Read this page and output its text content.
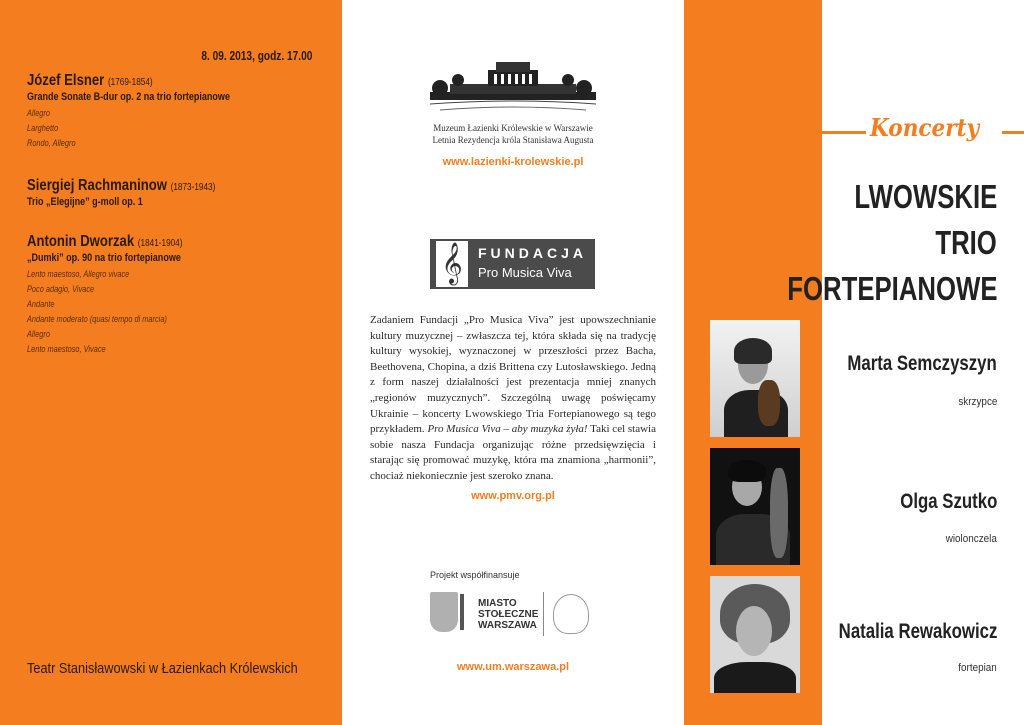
8. 09. 2013, godz. 17.00
Józef Elsner (1769-1854)
Grande Sonate B-dur op. 2 na trio fortepianowe
Allegro
Larghetto
Rondo, Allegro
Siergiej Rachmaninow (1873-1943)
Trio „Elegijne” g-moll op. 1
Antonin Dworzak (1841-1904)
„Dumki” op. 90 na trio fortepianowe
Lento maestoso, Allegro vivace
Poco adagio, Vivace
Andante
Andante moderato (quasi tempo di marcia)
Allegro
Lento maestoso, Vivace
Teatr Stanisławowski w Łazienkach Królewskich
Muzeum Łazienki Królewskie w Warszawie
Letnia Rezydencja króla Stanisława Augusta
www.lazienki-krolewskie.pl
𝄞	FUNDACJA
Pro Musica Viva
Zadaniem Fundacji „Pro Musica Viva” jest upowszechnianie kultury muzycznej – zwłaszcza tej, która składa się na tradycję kultury wysokiej, wyznaczonej w przeszłości przez Bacha, Beethovena, Chopina, a dziś Brittena czy Lutosławskiego. Jedną z form naszej działalności jest prezentacja mniej znanych „regionów muzycznych”. Szczególną uwagę poświęcamy Ukrainie – koncerty Lwowskiego Tria Fortepianowego są tego przykładem. Pro Musica Viva – aby muzyka żyła! Taki cel stawia sobie nasza Fundacja organizując różne przedsięwzięcia i starając się promować muzykę, która ma znamiona „harmonii”, chociaż niekoniecznie jest szeroko znana.
www.pmv.org.pl
Projekt współfinansuje
MIASTO
STOŁECZNE
WARSZAWA
www.um.warszawa.pl
Koncerty
LWOWSKIE
TRIO
FORTEPIANOWE
Marta Semczyszyn
skrzypce
Olga Szutko
wiolonczela
Natalia Rewakowicz
fortepian
